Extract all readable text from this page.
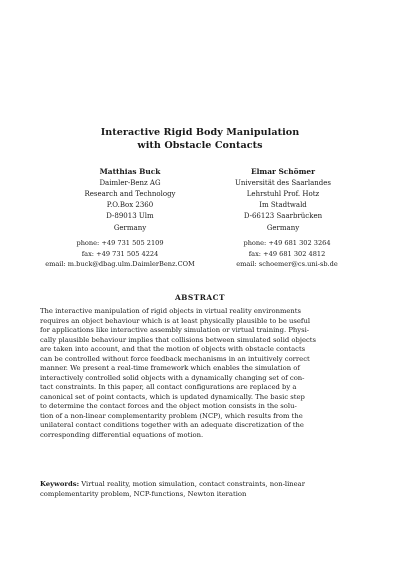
Interactive Rigid Body Manipulation
with Obstacle Contacts
Matthias Buck
Daimler-Benz AG
Research and Technology
P.O.Box 2360
D-89013 Ulm
Germany
Elmar Schömer
Universität des Saarlandes
Lehrstuhl Prof. Hotz
Im Stadtwald
D-66123 Saarbrücken
Germany
phone: +49 731 505 2109
fax: +49 731 505 4224
email: m.buck@dbag.ulm.DaimlerBenz.COM
phone: +49 681 302 3264
fax: +49 681 302 4812
email: schoemer@cs.uni-sb.de
ABSTRACT
The interactive manipulation of rigid objects in virtual reality environments
requires an object behaviour which is at least physically plausible to be useful
for applications like interactive assembly simulation or virtual training. Physi-
cally plausible behaviour implies that collisions between simulated solid objects
are taken into account, and that the motion of objects with obstacle contacts
can be controlled without force feedback mechanisms in an intuitively correct
manner. We present a real-time framework which enables the simulation of
interactively controlled solid objects with a dynamically changing set of con-
tact constraints. In this paper, all contact configurations are replaced by a
canonical set of point contacts, which is updated dynamically. The basic step
to determine the contact forces and the object motion consists in the solu-
tion of a non-linear complementarity problem (NCP), which results from the
unilateral contact conditions together with an adequate discretization of the
corresponding differential equations of motion.
Keywords: Virtual reality, motion simulation, contact constraints, non-linear
complementarity problem, NCP-functions, Newton iteration
